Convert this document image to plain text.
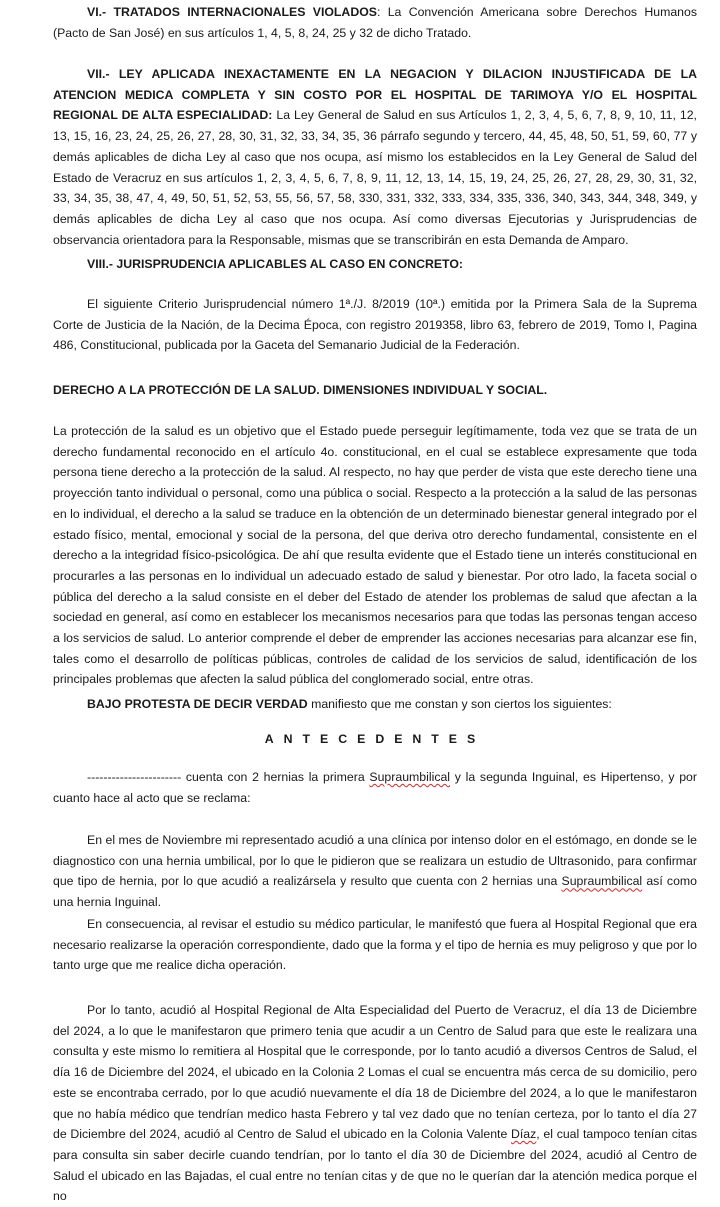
VI.- TRATADOS INTERNACIONALES VIOLADOS: La Convención Americana sobre Derechos Humanos (Pacto de San José) en sus artículos 1, 4, 5, 8, 24, 25 y 32 de dicho Tratado.

VII.- LEY APLICADA INEXACTAMENTE EN LA NEGACION Y DILACION INJUSTIFICADA DE LA ATENCION MEDICA COMPLETA Y SIN COSTO POR EL HOSPITAL DE TARIMOYA Y/O EL HOSPITAL REGIONAL DE ALTA ESPECIALIDAD: La Ley General de Salud en sus Artículos 1, 2, 3, 4, 5, 6, 7, 8, 9, 10, 11, 12, 13, 15, 16, 23, 24, 25, 26, 27, 28, 30, 31, 32, 33, 34, 35, 36 párrafo segundo y tercero, 44, 45, 48, 50, 51, 59, 60, 77 y demás aplicables de dicha Ley al caso que nos ocupa, así mismo los establecidos en la Ley General de Salud del Estado de Veracruz en sus artículos 1, 2, 3, 4, 5, 6, 7, 8, 9, 11, 12, 13, 14, 15, 19, 24, 25, 26, 27, 28, 29, 30, 31, 32, 33, 34, 35, 38, 47, 4, 49, 50, 51, 52, 53, 55, 56, 57, 58, 330, 331, 332, 333, 334, 335, 336, 340, 343, 344, 348, 349, y demás aplicables de dicha Ley al caso que nos ocupa. Así como diversas Ejecutorias y Jurisprudencias de observancia orientadora para la Responsable, mismas que se transcribirán en esta Demanda de Amparo.

VIII.- JURISPRUDENCIA APLICABLES AL CASO EN CONCRETO:

El siguiente Criterio Jurisprudencial número 1ª./J. 8/2019 (10ª.) emitida por la Primera Sala de la Suprema Corte de Justicia de la Nación, de la Decima Época, con registro 2019358, libro 63, febrero de 2019, Tomo I, Pagina 486, Constitucional, publicada por la Gaceta del Semanario Judicial de la Federación.

DERECHO A LA PROTECCIÓN DE LA SALUD. DIMENSIONES INDIVIDUAL Y SOCIAL.

La protección de la salud es un objetivo que el Estado puede perseguir legítimamente, toda vez que se trata de un derecho fundamental reconocido en el artículo 4o. constitucional, en el cual se establece expresamente que toda persona tiene derecho a la protección de la salud. Al respecto, no hay que perder de vista que este derecho tiene una proyección tanto individual o personal, como una pública o social. Respecto a la protección a la salud de las personas en lo individual, el derecho a la salud se traduce en la obtención de un determinado bienestar general integrado por el estado físico, mental, emocional y social de la persona, del que deriva otro derecho fundamental, consistente en el derecho a la integridad físico-psicológica. De ahí que resulta evidente que el Estado tiene un interés constitucional en procurarles a las personas en lo individual un adecuado estado de salud y bienestar. Por otro lado, la faceta social o pública del derecho a la salud consiste en el deber del Estado de atender los problemas de salud que afectan a la sociedad en general, así como en establecer los mecanismos necesarios para que todas las personas tengan acceso a los servicios de salud. Lo anterior comprende el deber de emprender las acciones necesarias para alcanzar ese fin, tales como el desarrollo de políticas públicas, controles de calidad de los servicios de salud, identificación de los principales problemas que afecten la salud pública del conglomerado social, entre otras.

BAJO PROTESTA DE DECIR VERDAD manifiesto que me constan y son ciertos los siguientes:

ANTECEDENTES

----------------------- cuenta con 2 hernias la primera Supraumbilical y la segunda Inguinal, es Hipertenso, y por cuanto hace al acto que se reclama:

En el mes de Noviembre mi representado acudió a una clínica por intenso dolor en el estómago, en donde se le diagnostico con una hernia umbilical, por lo que le pidieron que se realizara un estudio de Ultrasonido, para confirmar que tipo de hernia, por lo que acudió a realizársela y resulto que cuenta con 2 hernias una Supraumbilical así como una hernia Inguinal.

En consecuencia, al revisar el estudio su médico particular, le manifestó que fuera al Hospital Regional que era necesario realizarse la operación correspondiente, dado que la forma y el tipo de hernia es muy peligroso y que por lo tanto urge que me realice dicha operación.

Por lo tanto, acudió al Hospital Regional de Alta Especialidad del Puerto de Veracruz, el día 13 de Diciembre del 2024, a lo que le manifestaron que primero tenia que acudir a un Centro de Salud para que este le realizara una consulta y este mismo lo remitiera al Hospital que le corresponde, por lo tanto acudió a diversos Centros de Salud, el día 16 de Diciembre del 2024, el ubicado en la Colonia 2 Lomas el cual se encuentra más cerca de su domicilio, pero este se encontraba cerrado, por lo que acudió nuevamente el día 18 de Diciembre del 2024, a lo que le manifestaron que no había médico que tendrían medico hasta Febrero y tal vez dado que no tenían certeza, por lo tanto el día 27 de Diciembre del 2024, acudió al Centro de Salud el ubicado en la Colonia Valente Díaz, el cual tampoco tenían citas para consulta sin saber decirle cuando tendrían, por lo tanto el día 30 de Diciembre del 2024, acudió al Centro de Salud el ubicado en las Bajadas, el cual entre no tenían citas y de que no le querían dar la atención medica porque el no
